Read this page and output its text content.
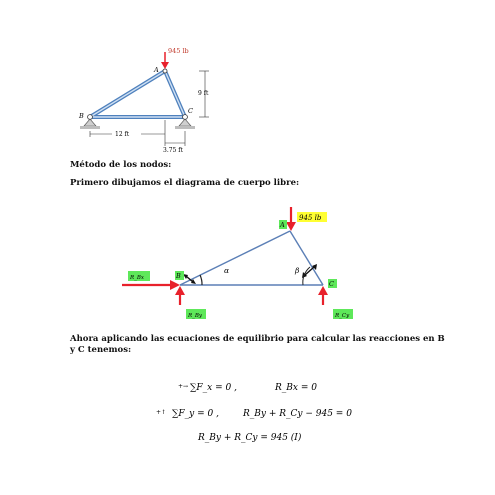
945 lb
A
B
C
9 ft
12 ft
3.75 ft
Método de los nodos:
Primero dibujamos el diagrama de cuerpo libre:
945 lb
A
B
C
α	β
R_Bx
R_By	R_Cy
Ahora aplicando las ecuaciones de equilibrio para calcular las reacciones en B
y C tenemos:
+→
+↑
∑F_x = 0 ,	R_Bx = 0
∑F_y = 0 ,	R_By + R_Cy − 945 = 0
R_By + R_Cy = 945 (I)
